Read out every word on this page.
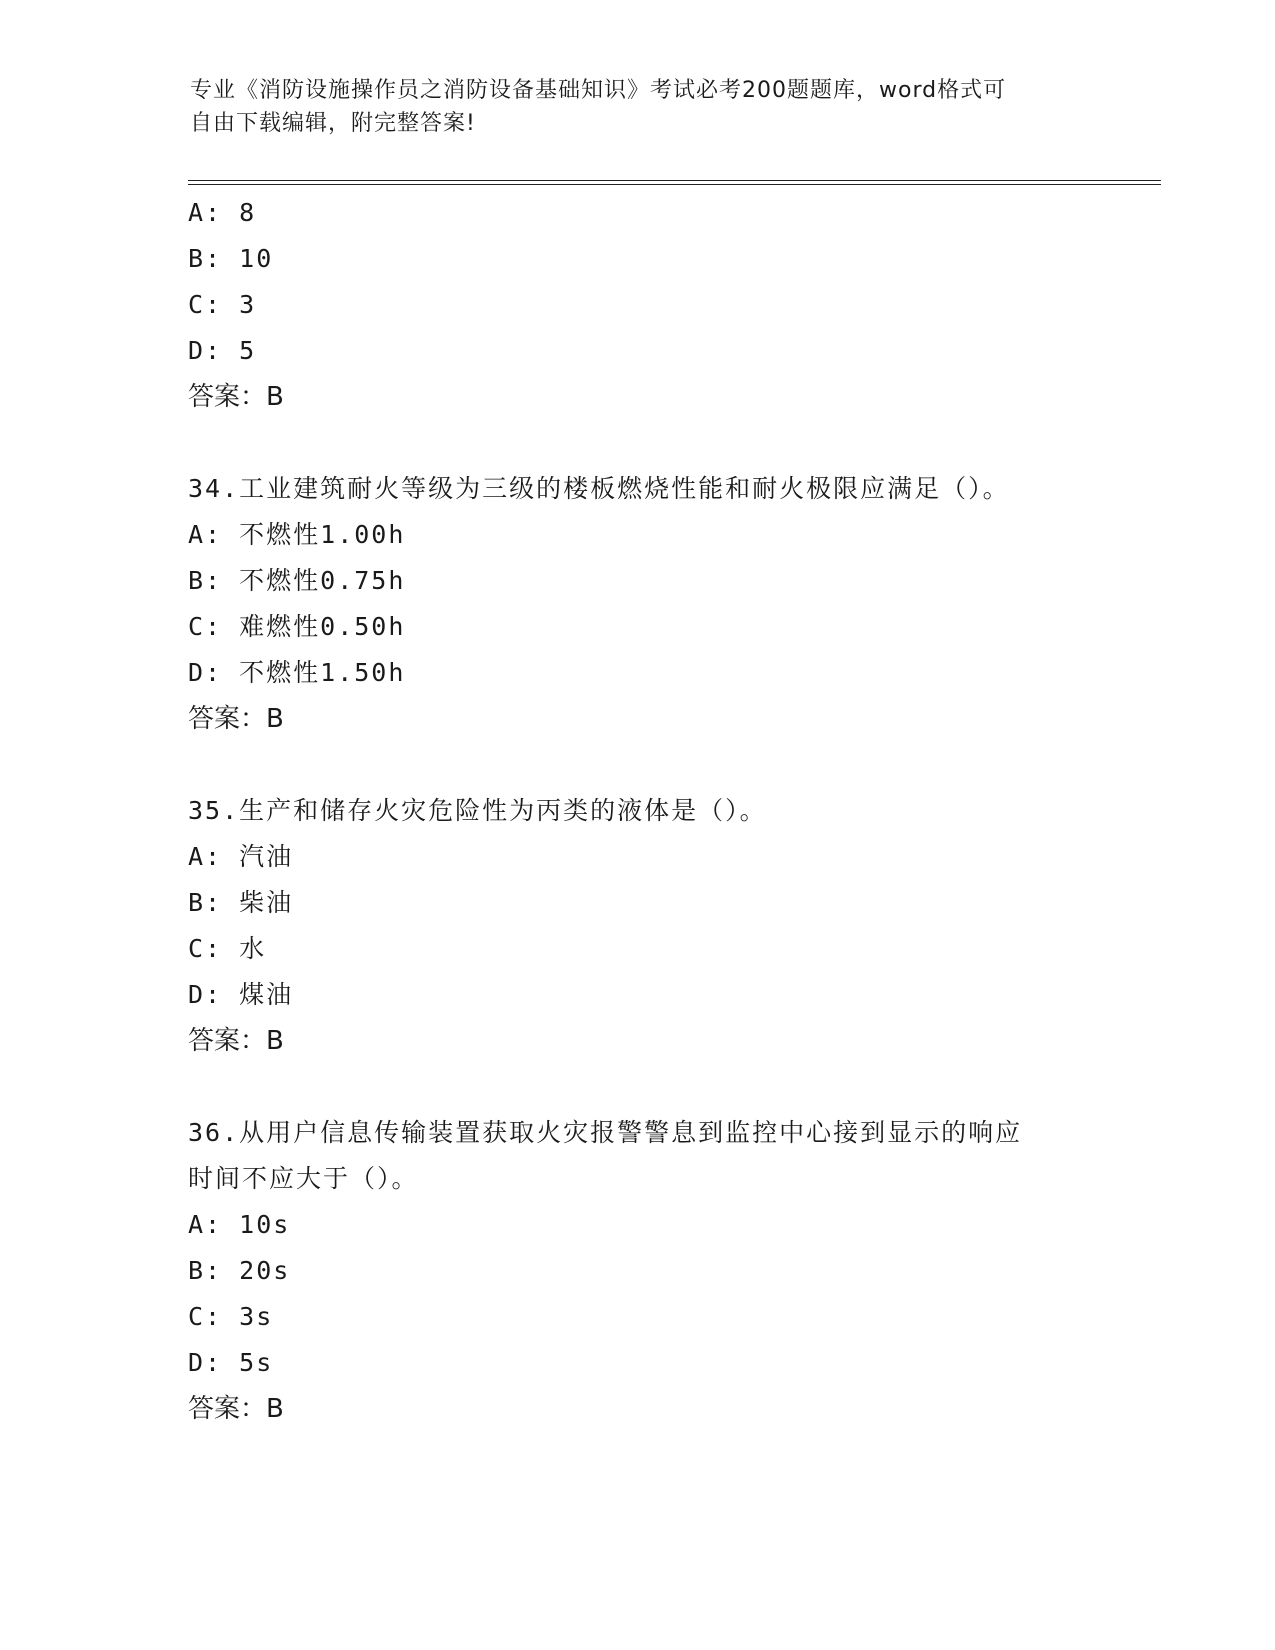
专业《消防设施操作员之消防设备基础知识》考试必考200题题库，word格式可
自由下载编辑，附完整答案!
A: 8
B: 10
C: 3
D: 5
答案：B
34.工业建筑耐火等级为三级的楼板燃烧性能和耐火极限应满足（）。
A: 不燃性1.00h
B: 不燃性0.75h
C: 难燃性0.50h
D: 不燃性1.50h
答案：B
35.生产和储存火灾危险性为丙类的液体是（）。
A: 汽油
B: 柴油
C: 水
D: 煤油
答案：B
36.从用户信息传输装置获取火灾报警警息到监控中心接到显示的响应
时间不应大于（）。
A: 10s
B: 20s
C: 3s
D: 5s
答案：B
